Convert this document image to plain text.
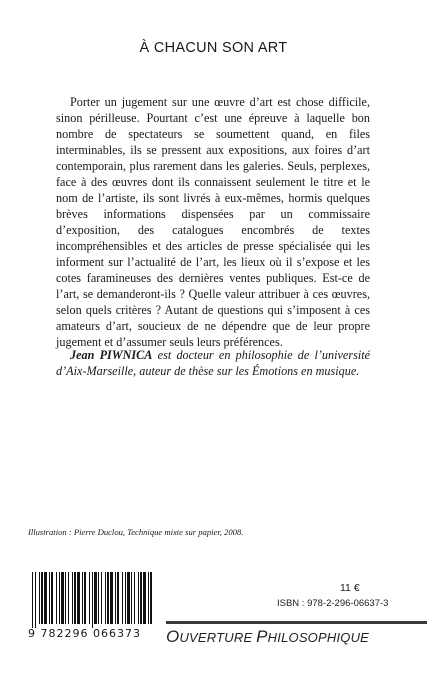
À CHACUN SON ART

Porter un jugement sur une œuvre d’art est chose difficile, sinon périlleuse. Pourtant c’est une épreuve à laquelle bon nombre de spectateurs se soumettent quand, en files interminables, ils se pressent aux expositions, aux foires d’art contemporain, plus rarement dans les galeries. Seuls, perplexes, face à des œuvres dont ils connaissent seulement le titre et le nom de l’artiste, ils sont livrés à eux-mêmes, hormis quelques brèves informations dispensées par un commissaire d’exposition, des catalogues encombrés de textes incompréhensibles et des articles de presse spécialisée qui les informent sur l’actualité de l’art, les lieux où il s’expose et les cotes faramineuses des dernières ventes publiques. Est-ce de l’art, se demanderont-ils ? Quelle valeur attribuer à ces œuvres, selon quels critères ? Autant de questions qui s’imposent à ces amateurs d’art, soucieux de ne dépendre que de leur propre jugement et d’assumer seuls leurs préférences.

Jean PIWNICA est docteur en philosophie de l’université d’Aix-Marseille, auteur de thèse sur les Émotions en musique.

Illustration : Pierre Duclou, Technique mixte sur papier, 2008.

9 782296 066373
11 €
ISBN : 978-2-296-06637-3
OUVERTURE PHILOSOPHIQUE
